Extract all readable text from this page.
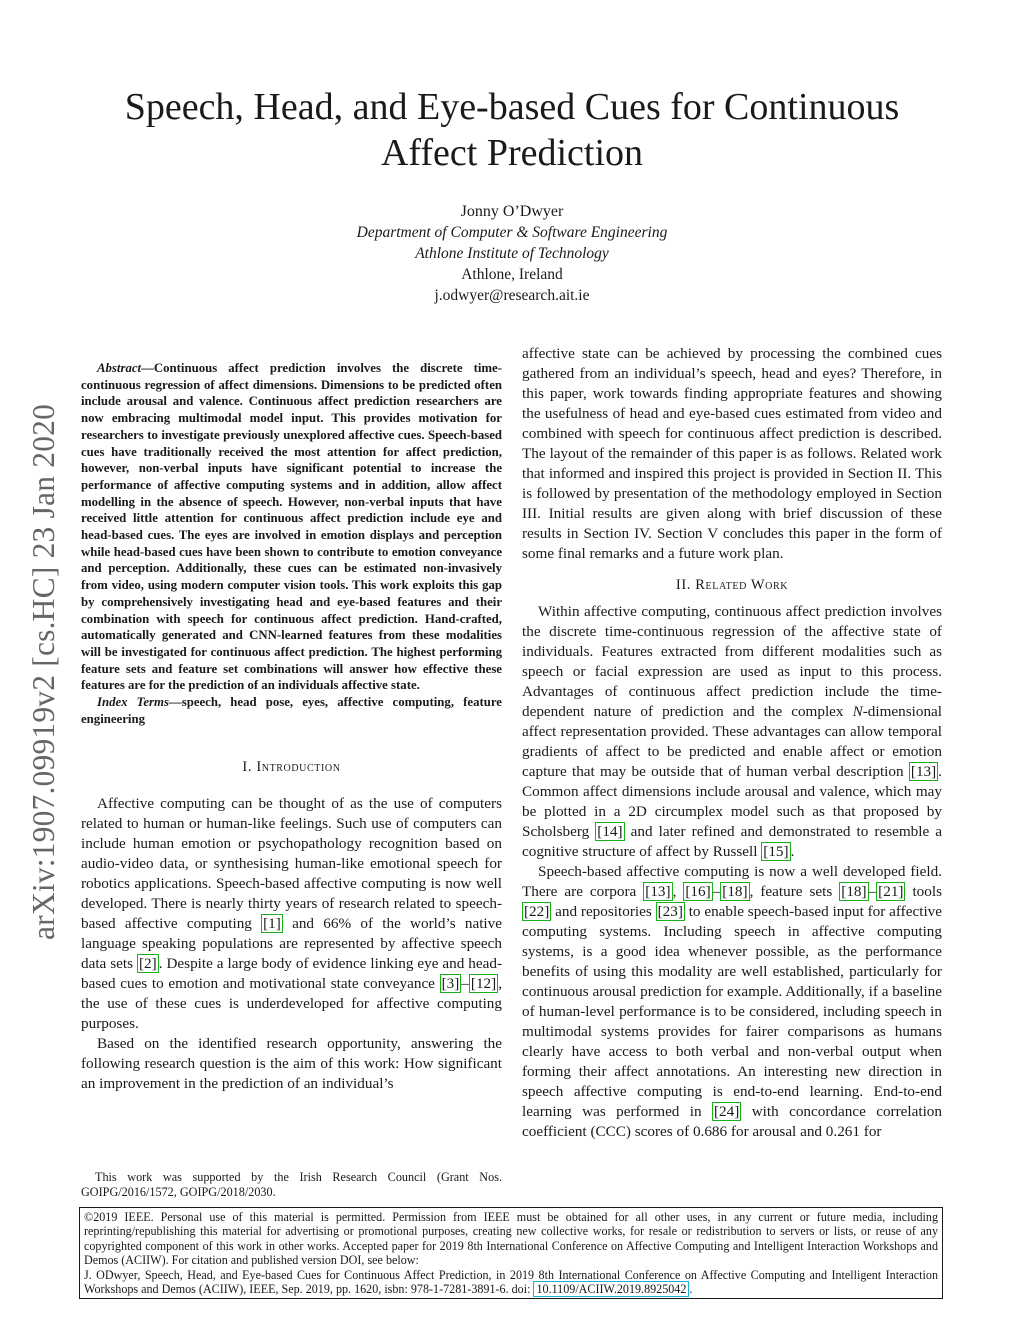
Speech, Head, and Eye-based Cues for Continuous
Affect Prediction
Jonny O’Dwyer
Department of Computer & Software Engineering
Athlone Institute of Technology
Athlone, Ireland
j.odwyer@research.ait.ie
arXiv:1907.09919v2 [cs.HC] 23 Jan 2020

Abstract—Continuous affect prediction involves the discrete time-continuous regression of affect dimensions. Dimensions to be predicted often include arousal and valence. Continuous affect prediction researchers are now embracing multimodal model input. This provides motivation for researchers to investigate previously unexplored affective cues. Speech-based cues have traditionally received the most attention for affect prediction, however, non-verbal inputs have significant potential to increase the performance of affective computing systems and in addition, allow affect modelling in the absence of speech. However, non-verbal inputs that have received little attention for continuous affect prediction include eye and head-based cues. The eyes are involved in emotion displays and perception while head-based cues have been shown to contribute to emotion conveyance and perception. Additionally, these cues can be estimated non-invasively from video, using modern computer vision tools. This work exploits this gap by comprehensively investigating head and eye-based features and their combination with speech for continuous affect prediction. Hand-crafted, automatically generated and CNN-learned features from these modalities will be investigated for continuous affect prediction. The highest performing feature sets and feature set combinations will answer how effective these features are for the prediction of an individuals affective state.

Index Terms—speech, head pose, eyes, affective computing, feature engineering

I. Introduction

Affective computing can be thought of as the use of computers related to human or human-like feelings. Such use of computers can include human emotion or psychopathology recognition based on audio-video data, or synthesising human-like emotional speech for robotics applications. Speech-based affective computing is now well developed. There is nearly thirty years of research related to speech-based affective computing [1] and 66% of the world’s native language speaking populations are represented by affective speech data sets [2] . Despite a large body of evidence linking eye and head-based cues to emotion and motivational state conveyance [3] – [12] , the use of these cues is underdeveloped for affective computing purposes.

Based on the identified research opportunity, answering the following research question is the aim of this work: How significant an improvement in the prediction of an individual’s

This work was supported by the Irish Research Council (Grant Nos. GOIPG/2016/1572, GOIPG/2018/2030.

affective state can be achieved by processing the combined cues gathered from an individual’s speech, head and eyes? Therefore, in this paper, work towards finding appropriate features and showing the usefulness of head and eye-based cues estimated from video and combined with speech for continuous affect prediction is described. The layout of the remainder of this paper is as follows. Related work that informed and inspired this project is provided in Section II. This is followed by presentation of the methodology employed in Section III. Initial results are given along with brief discussion of these results in Section IV. Section V concludes this paper in the form of some final remarks and a future work plan.

II. Related Work

Within affective computing, continuous affect prediction involves the discrete time-continuous regression of the affective state of individuals. Features extracted from different modalities such as speech or facial expression are used as input to this process. Advantages of continuous affect prediction include the time-dependent nature of prediction and the complex N-dimensional affect representation provided. These advantages can allow temporal gradients of affect to be predicted and enable affect or emotion capture that may be outside that of human verbal description [13] . Common affect dimensions include arousal and valence, which may be plotted in a 2D circumplex model such as that proposed by Scholsberg [14] and later refined and demonstrated to resemble a cognitive structure of affect by Russell [15] .

Speech-based affective computing is now a well developed field. There are corpora [13] , [16] – [18] , feature sets [18] – [21] tools [22] and repositories [23] to enable speech-based input for affective computing systems. Including speech in affective computing systems, is a good idea whenever possible, as the performance benefits of using this modality are well established, particularly for continuous arousal prediction for example. Additionally, if a baseline of human-level performance is to be considered, including speech in multimodal systems provides for fairer comparisons as humans clearly have access to both verbal and non-verbal output when forming their affect annotations. An interesting new direction in speech affective computing is end-to-end learning. End-to-end learning was performed in [24] with concordance correlation coefficient (CCC) scores of 0.686 for arousal and 0.261 for

©2019 IEEE. Personal use of this material is permitted. Permission from IEEE must be obtained for all other uses, in any current or future media, including reprinting/republishing this material for advertising or promotional purposes, creating new collective works, for resale or redistribution to servers or lists, or reuse of any copyrighted component of this work in other works. Accepted paper for 2019 8th International Conference on Affective Computing and Intelligent Interaction Workshops and Demos (ACIIW). For citation and published version DOI, see below:

J. ODwyer, Speech, Head, and Eye-based Cues for Continuous Affect Prediction, in 2019 8th International Conference on Affective Computing and Intelligent Interaction Workshops and Demos (ACIIW), IEEE, Sep. 2019, pp. 1620, isbn: 978-1-7281-3891-6. doi: 10.1109/ACIIW.2019.8925042 .
